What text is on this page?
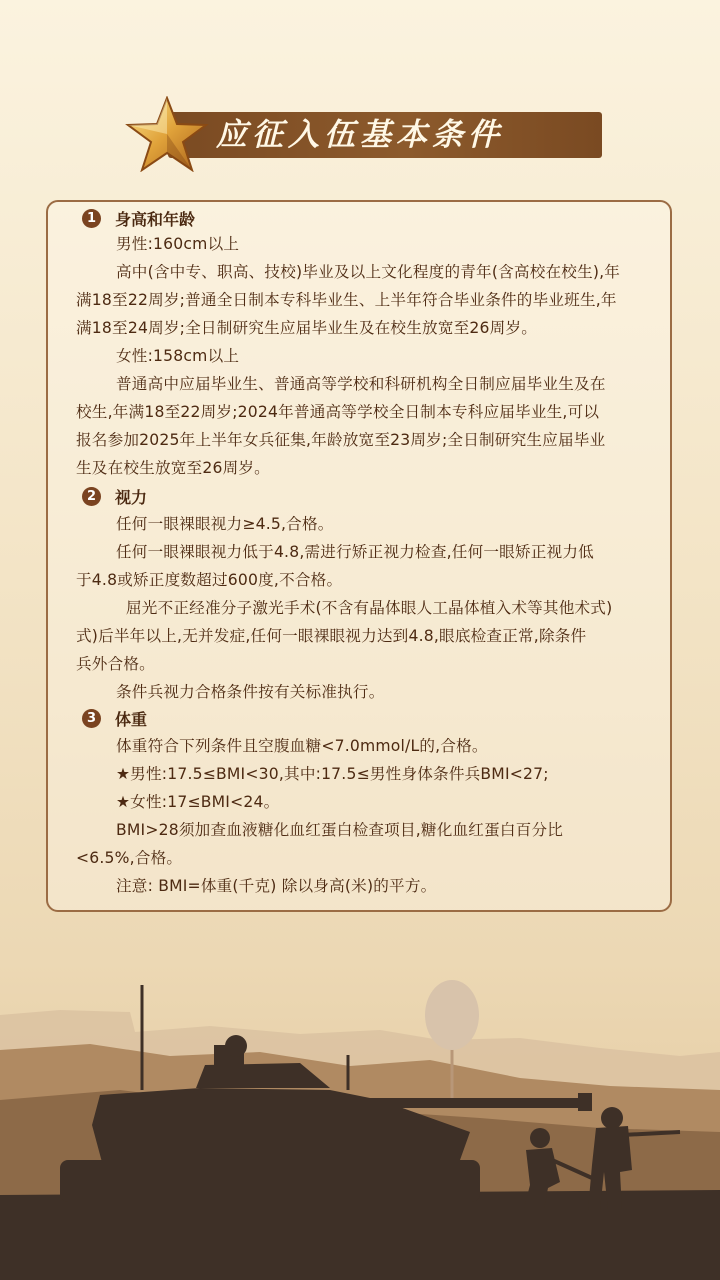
应征入伍基本条件
1	身高和年龄
男性:160cm以上
高中(含中专、职高、技校)毕业及以上文化程度的青年(含高校在校生),年
满18至22周岁;普通全日制本专科毕业生、上半年符合毕业条件的毕业班生,年
满18至24周岁;全日制研究生应届毕业生及在校生放宽至26周岁。
女性:158cm以上
普通高中应届毕业生、普通高等学校和科研机构全日制应届毕业生及在
校生,年满18至22周岁;2024年普通高等学校全日制本专科应届毕业生,可以
报名参加2025年上半年女兵征集,年龄放宽至23周岁;全日制研究生应届毕业
生及在校生放宽至26周岁。
2	视力
任何一眼裸眼视力≥4.5,合格。
任何一眼裸眼视力低于4.8,需进行矫正视力检查,任何一眼矫正视力低
于4.8或矫正度数超过600度,不合格。
屈光不正经准分子激光手术(不含有晶体眼人工晶体植入术等其他术式)
式)后半年以上,无并发症,任何一眼裸眼视力达到4.8,眼底检查正常,除条件
兵外合格。
条件兵视力合格条件按有关标准执行。
3	体重
体重符合下列条件且空腹血糖<7.0mmol/L的,合格。
★男性:17.5≤BMI<30,其中:17.5≤男性身体条件兵BMI<27;
★女性:17≤BMI<24。
BMI>28须加查血液糖化血红蛋白检查项目,糖化血红蛋白百分比
<6.5%,合格。
注意: BMI=体重(千克) 除以身高(米)的平方。
